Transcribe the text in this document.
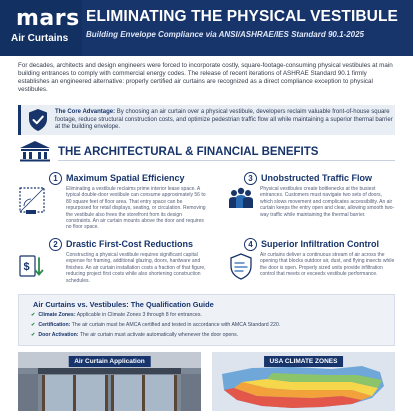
mars
Air Curtains
ELIMINATING THE PHYSICAL VESTIBULE
Building Envelope Compliance via ANSI/ASHRAE/IES Standard 90.1-2025
For decades, architects and design engineers were forced to incorporate costly, square-footage-consuming physical vestibules at main building entrances to comply with commercial energy codes. The release of recent iterations of ASHRAE Standard 90.1 firmly establishes an engineered alternative: properly certified air curtains are recognized as a direct compliance exception to physical vestibules.
The Core Advantage: By choosing an air curtain over a physical vestibule, developers reclaim valuable front-of-house square footage, reduce structural construction costs, and optimize pedestrian traffic flow all while maintaining a superior thermal barrier at the building envelope.
THE ARCHITECTURAL & FINANCIAL BENEFITS
1 Maximum Spatial Efficiency
Eliminating a vestibule reclaims prime interior lease space. A typical double-door vestibule can consume approximately 56 to 80 square feet of floor area. That entry space can be repurposed for retail displays, seating, or circulation. Removing the vestibule also frees the storefront from its design constraints. An air curtain mounts above the door and requires no floor space.
3 Unobstructed Traffic Flow
Physical vestibules create bottlenecks at the busiest entrances. Customers must navigate two sets of doors, which slows movement and complicates accessibility. An air curtain keeps the entry open and clear, allowing smooth two-way traffic while maintaining the thermal barrier.
2 Drastic First-Cost Reductions
$
Constructing a physical vestibule requires significant capital expense for framing, additional glazing, doors, hardware and finishes. An air curtain installation costs a fraction of that figure, reducing project first costs while also shortening construction schedules.
4 Superior Infiltration Control
Air curtains deliver a continuous stream of air across the opening that blocks outdoor air, dust, and flying insects while the door is open. Properly sized units provide infiltration control that meets or exceeds vestibule performance.
Air Curtains vs. Vestibules: The Qualification Guide
✔ Climate Zones: Applicable in Climate Zones 3 through 8 for entrances.
✔ Certification: The air curtain must be AMCA certified and tested in accordance with AMCA Standard 220.
✔ Door Activation: The air curtain must activate automatically whenever the door opens.
Air Curtain Application	USA CLIMATE ZONES
